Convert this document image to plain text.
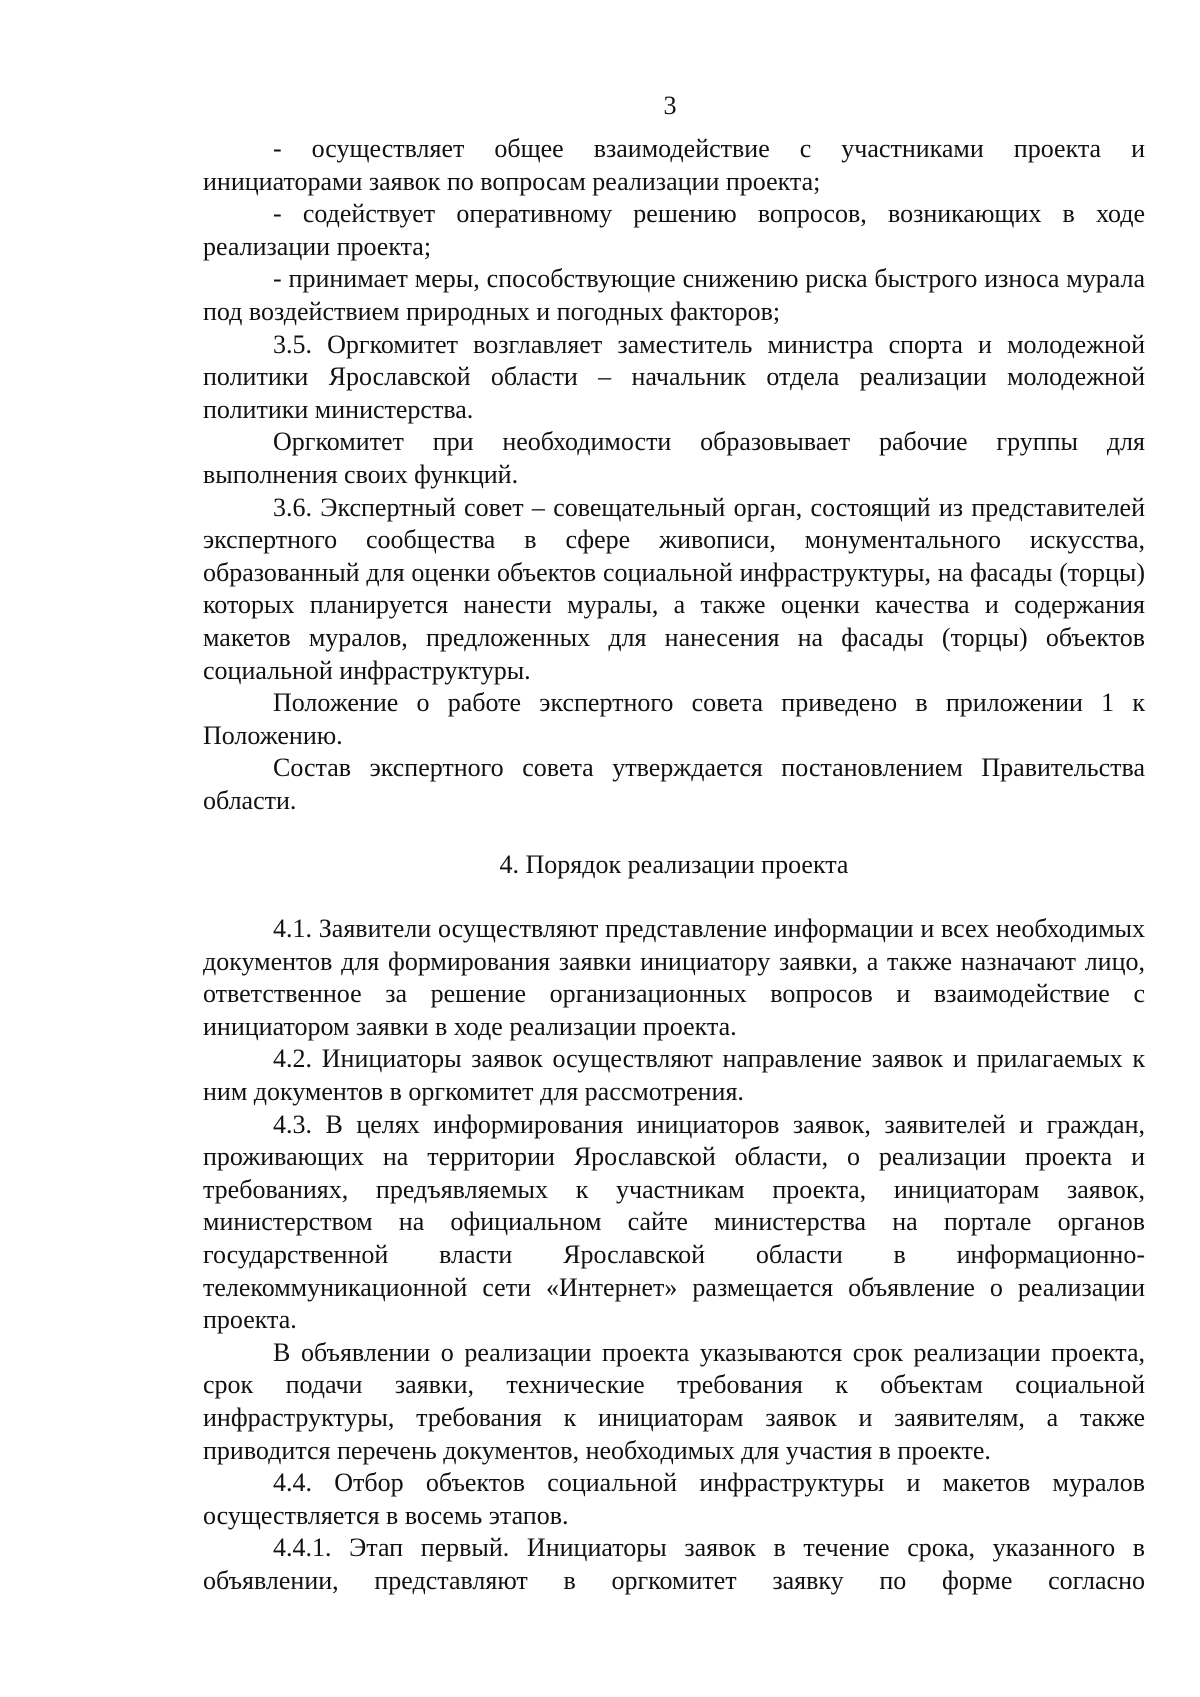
3

- осуществляет общее взаимодействие с участниками проекта и инициаторами заявок по вопросам реализации проекта;

- содействует оперативному решению вопросов, возникающих в ходе реализации проекта;

- принимает меры, способствующие снижению риска быстрого износа мурала под воздействием природных и погодных факторов;

3.5. Оргкомитет возглавляет заместитель министра спорта и молодежной политики Ярославской области – начальник отдела реализации молодежной политики министерства.

Оргкомитет при необходимости образовывает рабочие группы для выполнения своих функций.

3.6. Экспертный совет – совещательный орган, состоящий из представителей экспертного сообщества в сфере живописи, монументального искусства, образованный для оценки объектов социальной инфраструктуры, на фасады (торцы) которых планируется нанести муралы, а также оценки качества и содержания макетов муралов, предложенных для нанесения на фасады (торцы) объектов социальной инфраструктуры.

Положение о работе экспертного совета приведено в приложении 1 к Положению.

Состав экспертного совета утверждается постановлением Правительства области.

4. Порядок реализации проекта

4.1. Заявители осуществляют представление информации и всех необходимых документов для формирования заявки инициатору заявки, а также назначают лицо, ответственное за решение организационных вопросов и взаимодействие с инициатором заявки в ходе реализации проекта.

4.2. Инициаторы заявок осуществляют направление заявок и прилагаемых к ним документов в оргкомитет для рассмотрения.

4.3. В целях информирования инициаторов заявок, заявителей и граждан, проживающих на территории Ярославской области, о реализации проекта и требованиях, предъявляемых к участникам проекта, инициаторам заявок, министерством на официальном сайте министерства на портале органов государственной власти Ярославской области в информационно-телекоммуникационной сети «Интернет» размещается объявление о реализации проекта.

В объявлении о реализации проекта указываются срок реализации проекта, срок подачи заявки, технические требования к объектам социальной инфраструктуры, требования к инициаторам заявок и заявителям, а также приводится перечень документов, необходимых для участия в проекте.

4.4. Отбор объектов социальной инфраструктуры и макетов муралов осуществляется в восемь этапов.

4.4.1. Этап первый. Инициаторы заявок в течение срока, указанного в объявлении, представляют в оргкомитет заявку по форме согласно
